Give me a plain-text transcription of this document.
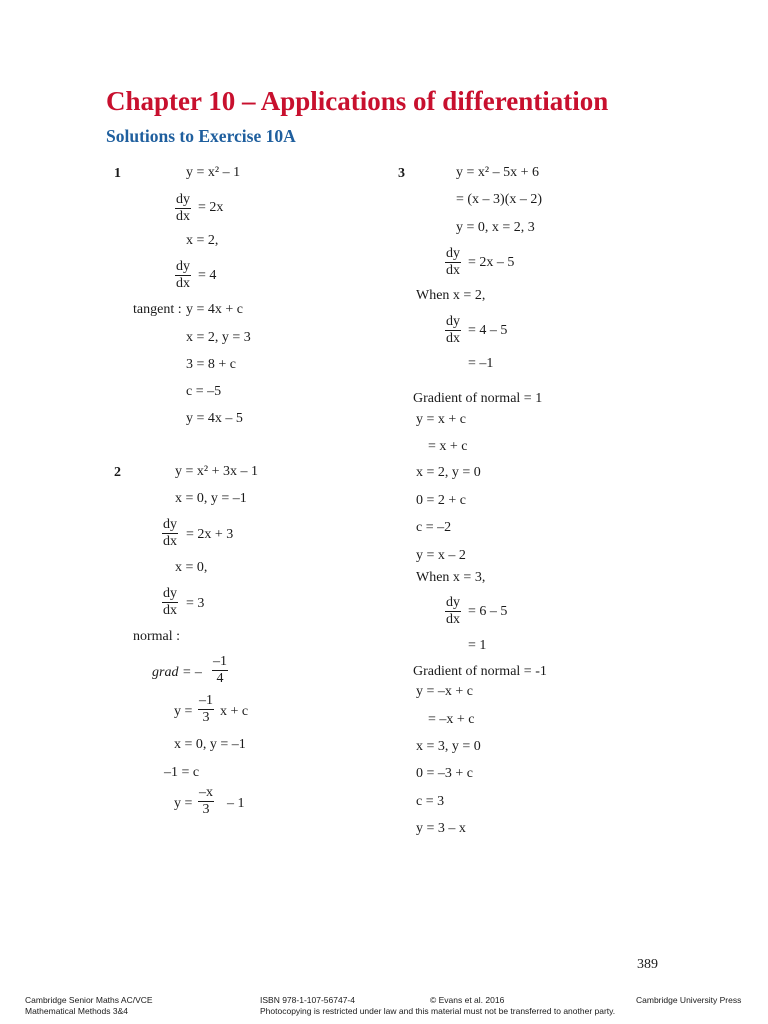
Chapter 10 – Applications of differentiation
Solutions to Exercise 10A
1	y = x² – 1
$\frac{dy}{dx} = 2x$
x = 2,
$\frac{dy}{dx} = 4$
tangent : y = 4x + c
x = 2, y = 3
3 = 8 + c
c = –5
y = 4x – 5
2	y = x² + 3x – 1
x = 0, y = –1
$\frac{dy}{dx} = 2x + 3$
x = 0,
$\frac{dy}{dx} = 3$
normal :
grad = – $\frac{-1}{4}$
$y = \frac{-1}{3}$ x + c
x = 0, y = –1
–1 = c
$y = \frac{-x}{3} - 1$
3	y = x² – 5x + 6
= (x – 3)(x – 2)
y = 0, x = 2, 3
$\frac{dy}{dx} = 2x - 5$
When x = 2,
$\frac{dy}{dx} = 4 - 5$
= –1
Gradient of normal = 1
y = x + c
= x + c
x = 2, y = 0
0 = 2 + c
c = –2
y = x – 2
When x = 3,
$\frac{dy}{dx} = 6 - 5$
= 1
Gradient of normal = -1
y = –x + c
= –x + c
x = 3, y = 0
0 = –3 + c
c = 3
y = 3 – x
389
Cambridge Senior Maths AC/VCE
Mathematical Methods 3&4
ISBN 978-1-107-56747-4	© Evans et al. 2016
Photocopying is restricted under law and this material must not be transferred to another party.
Cambridge University Press
